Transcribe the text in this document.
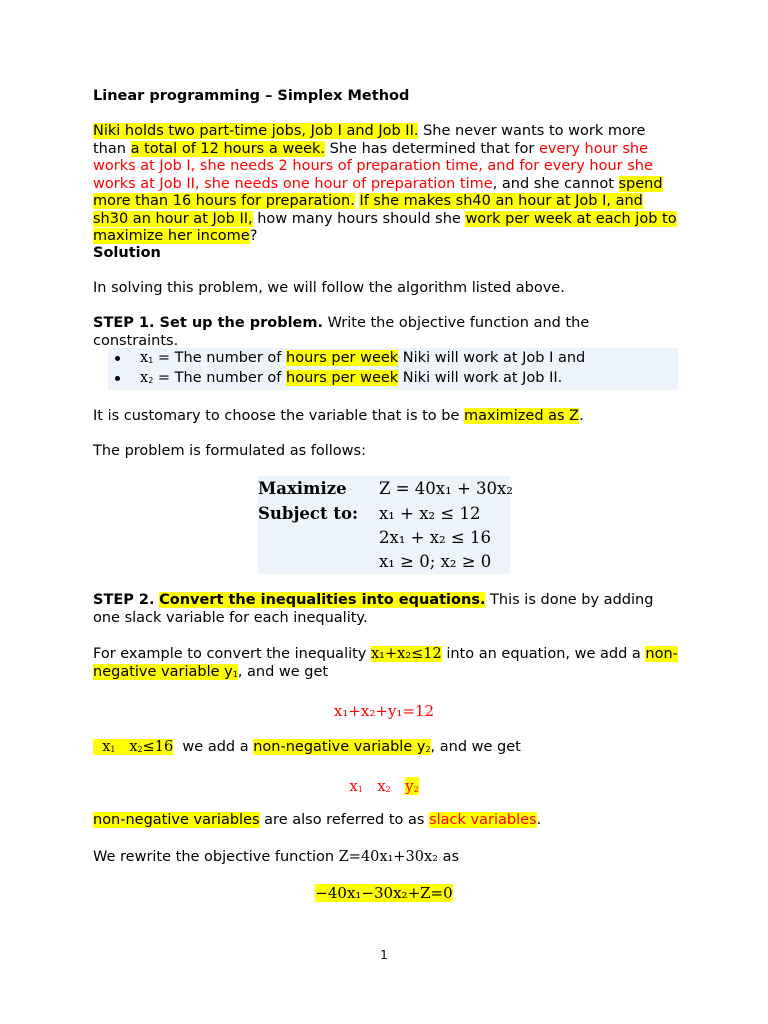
Linear programming – Simplex Method

Niki holds two part-time jobs, Job I and Job II. She never wants to work more than a total of 12 hours a week. She has determined that for every hour she works at Job I, she needs 2 hours of preparation time, and for every hour she works at Job II, she needs one hour of preparation time, and she cannot spend more than 16 hours for preparation. If she makes sh40 an hour at Job I, and sh30 an hour at Job II, how many hours should she work per week at each job to maximize her income?

Solution

In solving this problem, we will follow the algorithm listed above.

STEP 1. Set up the problem. Write the objective function and the constraints.

$x_1$ = The number of hours per week Niki will work at Job I and
$x_2$ = The number of hours per week Niki will work at Job II.

It is customary to choose the variable that is to be maximized as Z.

The problem is formulated as follows:

Maximize Z = 40x₁ + 30x₂
Subject to: x₁ + x₂ ≤ 12
2x₁ + x₂ ≤ 16
x₁ ≥ 0; x₂ ≥ 0

STEP 2. Convert the inequalities into equations. This is done by adding one slack variable for each inequality.

For example to convert the inequality x₁+x₂≤12 into an equation, we add a non-negative variable $y_1$, and we get

x₁+x₂+y₁=12

$x_1$ $x_2\le 16$  we add a non-negative variable $y_2$, and we get

$x_1$ $x_2$ $y_2$

non-negative variables are also referred to as slack variables.

We rewrite the objective function Z=40x₁+30x₂ as

−40x₁−30x₂+Z=0
1
